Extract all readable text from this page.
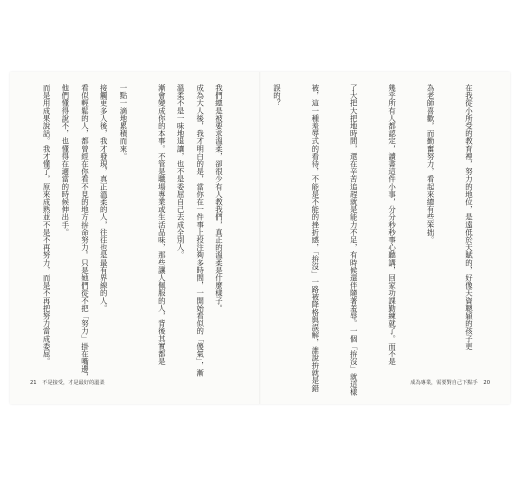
我們總是被要求溫柔，卻很少有人教我們，真正的溫柔是什麼樣子。

溫柔不是一味地退讓，也不是委屈自己去成全別人。

接觸更多人後，我才發現，真正溫柔的人，往往也是最有界線的人。

他們懂得說不，也懂得在適當的時候伸出手。

21 不是接受，才是最好的溫柔

在我從小所受的教育裡，努力的地位，是遠低於天賦的，好像天資聰穎的孩子更

為老師喜歡，而勤奮努力，看起來總有些笨拙。

幾乎所有人都認定，讀書這件小事，分分秒秒事心聽講，回家功課勤練就了。而不是

了大把大把地時間，還在辛苦追趕就是能力不足，有時候還伴隨著羞辱。一個「拚沒」就這樣

被，這一種羞辱式的看待，不能是不能的挫折感，「拚沒」一路被降格與誤解，誰說拚就是錯

誤的？

成為大人後，我才明白的是，當你在一件事上投注夠多時間，一開始看似的「傻氣」，漸

漸會變成你的本事。不管是職場專業或生活品味，那些讓人佩服的人，背後其實都是

一點一滴地累積而來。

看似輕鬆的人，都曾經在你看不見的地方拚命努力。只是她們從不把「努力」掛在嘴邊，

而是用成果說話。我才懂了，原來成熟並不是不再努力，而是不再把努力當成委屈。

成為專業，需要對自己下點手 20
